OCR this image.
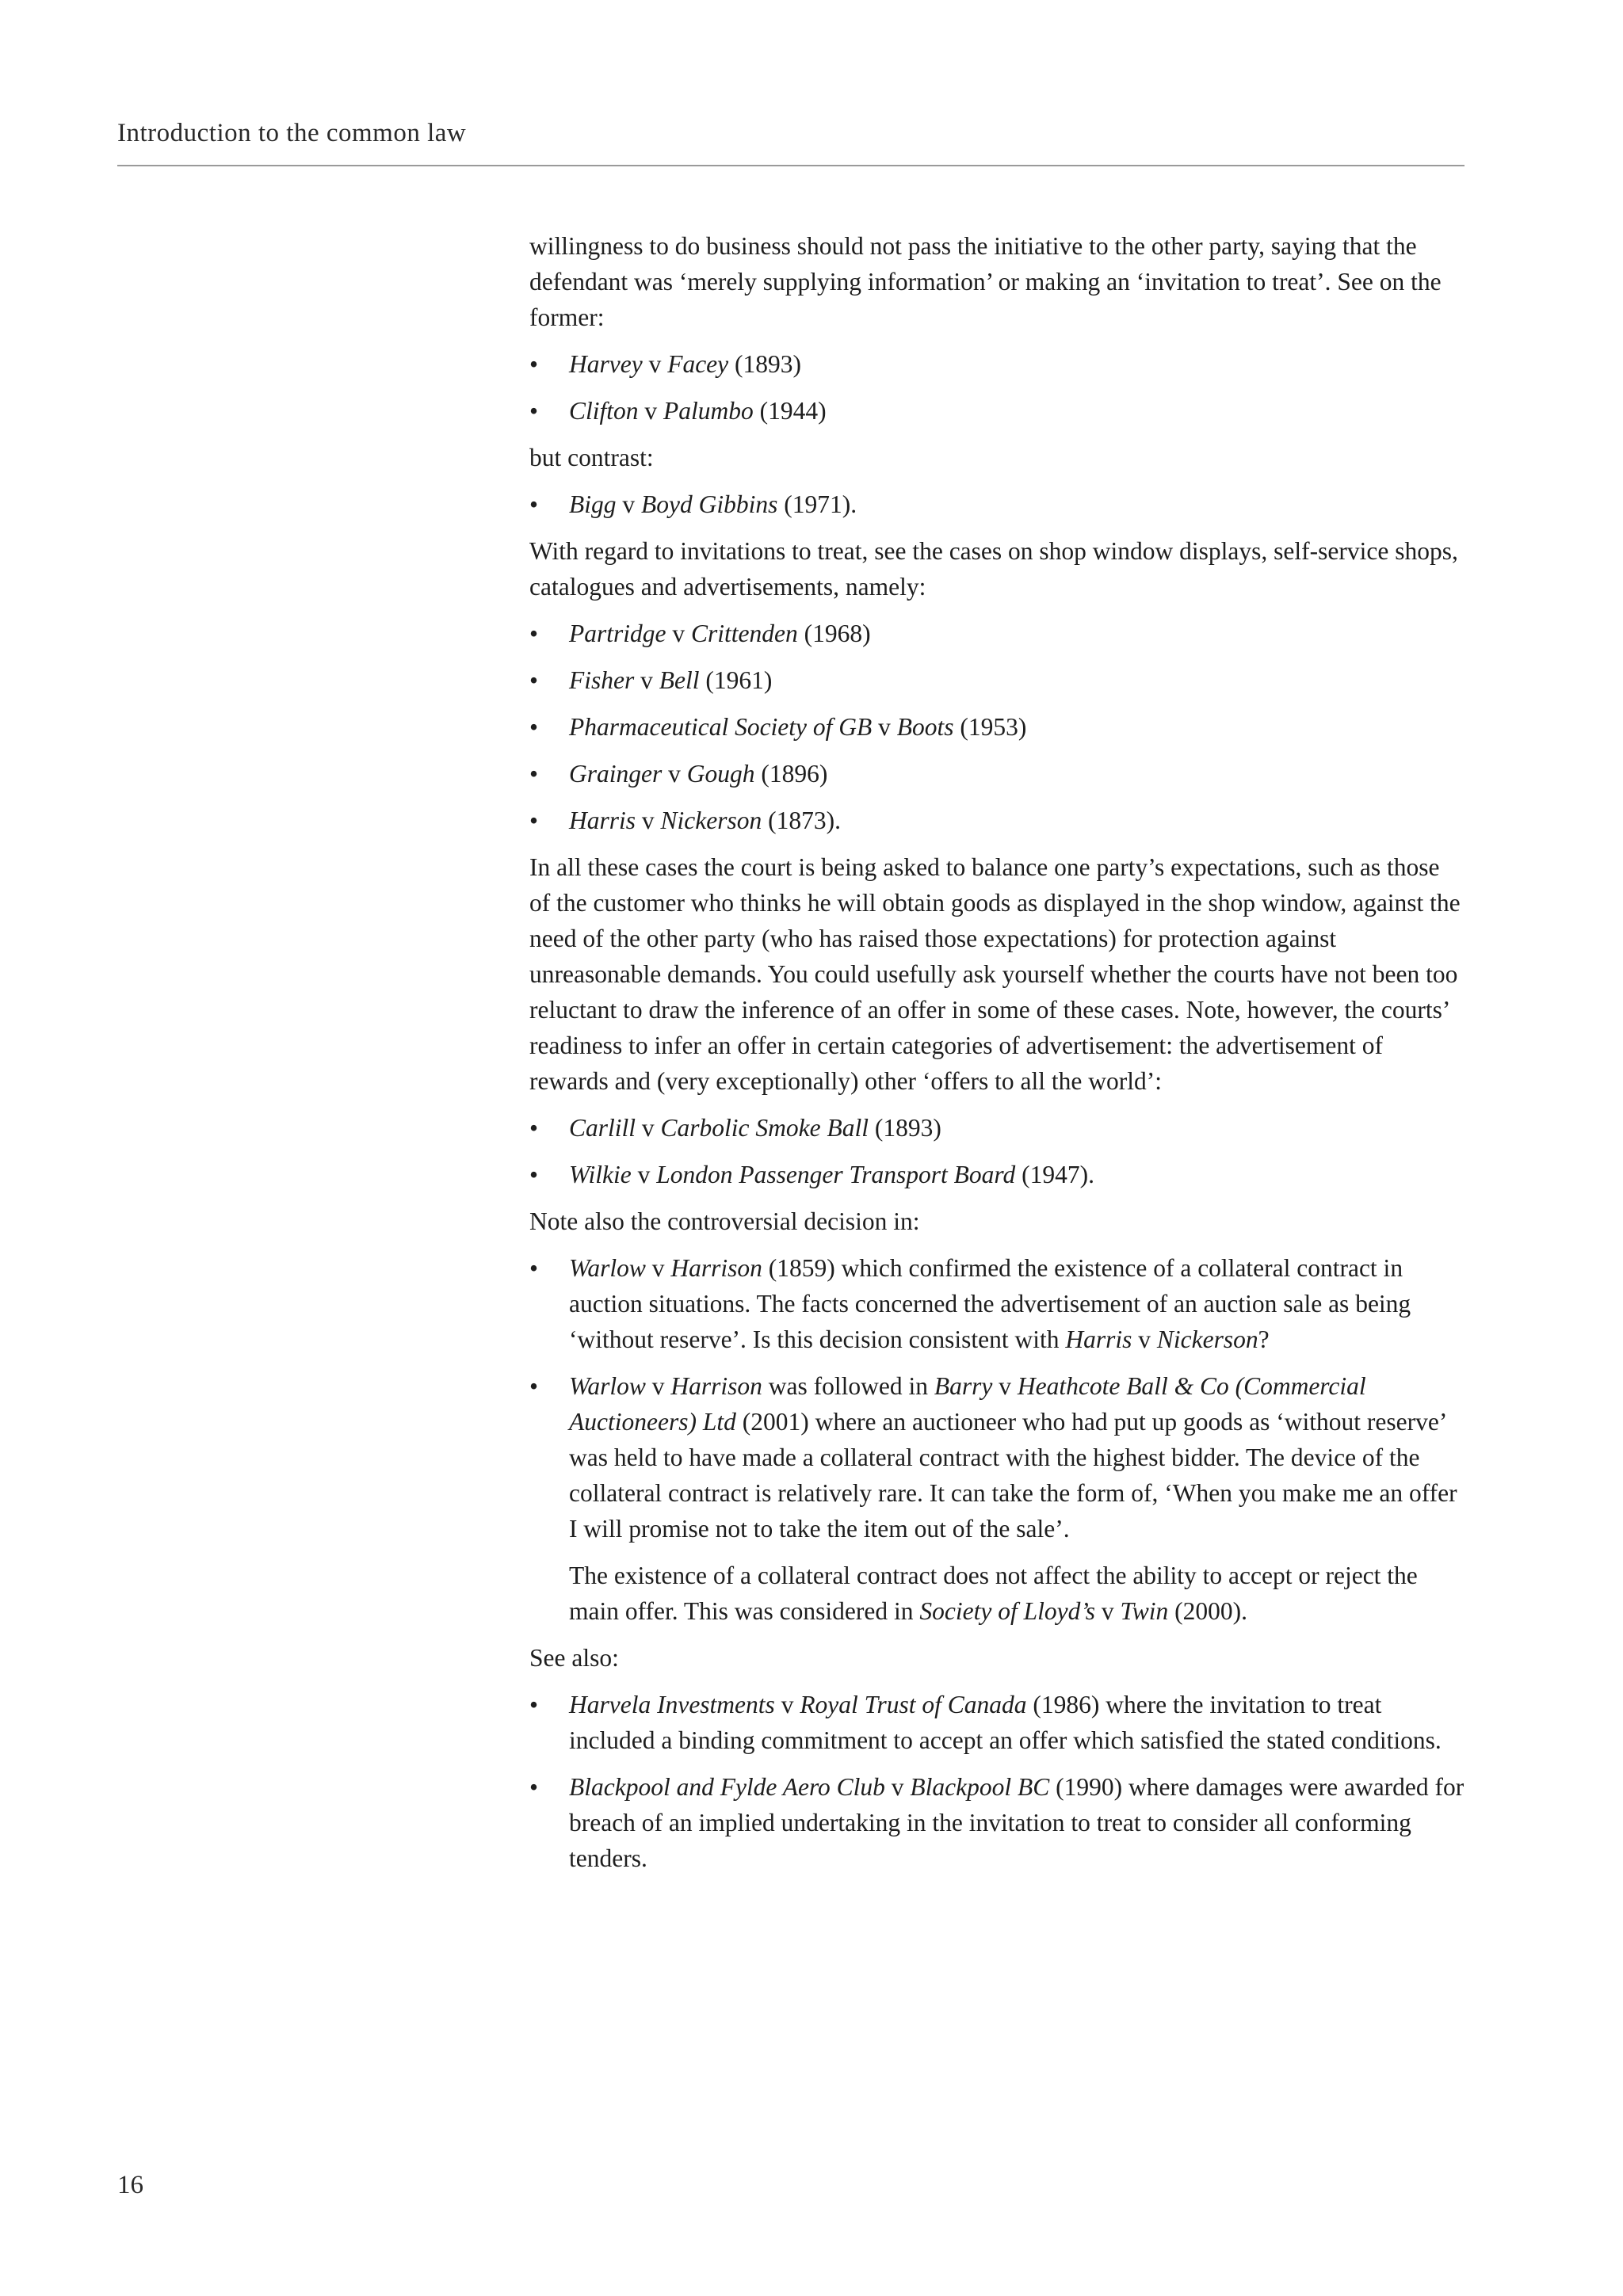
Introduction to the common law

willingness to do business should not pass the initiative to the other party, saying that the defendant was ‘merely supplying information’ or making an ‘invitation to treat’. See on the former:

• Harvey v Facey (1893)
• Clifton v Palumbo (1944)

but contrast:

• Bigg v Boyd Gibbins (1971).

With regard to invitations to treat, see the cases on shop window displays, self-service shops, catalogues and advertisements, namely:

• Partridge v Crittenden (1968)
• Fisher v Bell (1961)
• Pharmaceutical Society of GB v Boots (1953)
• Grainger v Gough (1896)
• Harris v Nickerson (1873).

In all these cases the court is being asked to balance one party’s expectations, such as those of the customer who thinks he will obtain goods as displayed in the shop window, against the need of the other party (who has raised those expectations) for protection against unreasonable demands. You could usefully ask yourself whether the courts have not been too reluctant to draw the inference of an offer in some of these cases. Note, however, the courts’ readiness to infer an offer in certain categories of advertisement: the advertisement of rewards and (very exceptionally) other ‘offers to all the world’:

• Carlill v Carbolic Smoke Ball (1893)
• Wilkie v London Passenger Transport Board (1947).

Note also the controversial decision in:

• Warlow v Harrison (1859) which confirmed the existence of a collateral contract in auction situations. The facts concerned the advertisement of an auction sale as being ‘without reserve’. Is this decision consistent with Harris v Nickerson?
• Warlow v Harrison was followed in Barry v Heathcote Ball & Co (Commercial Auctioneers) Ltd (2001) where an auctioneer who had put up goods as ‘without reserve’ was held to have made a collateral contract with the highest bidder. The device of the collateral contract is relatively rare. It can take the form of, ‘When you make me an offer I will promise not to take the item out of the sale’.

The existence of a collateral contract does not affect the ability to accept or reject the main offer. This was considered in Society of Lloyd’s v Twin (2000).

See also:

• Harvela Investments v Royal Trust of Canada (1986) where the invitation to treat included a binding commitment to accept an offer which satisfied the stated conditions.
• Blackpool and Fylde Aero Club v Blackpool BC (1990) where damages were awarded for breach of an implied undertaking in the invitation to treat to consider all conforming tenders.
16
